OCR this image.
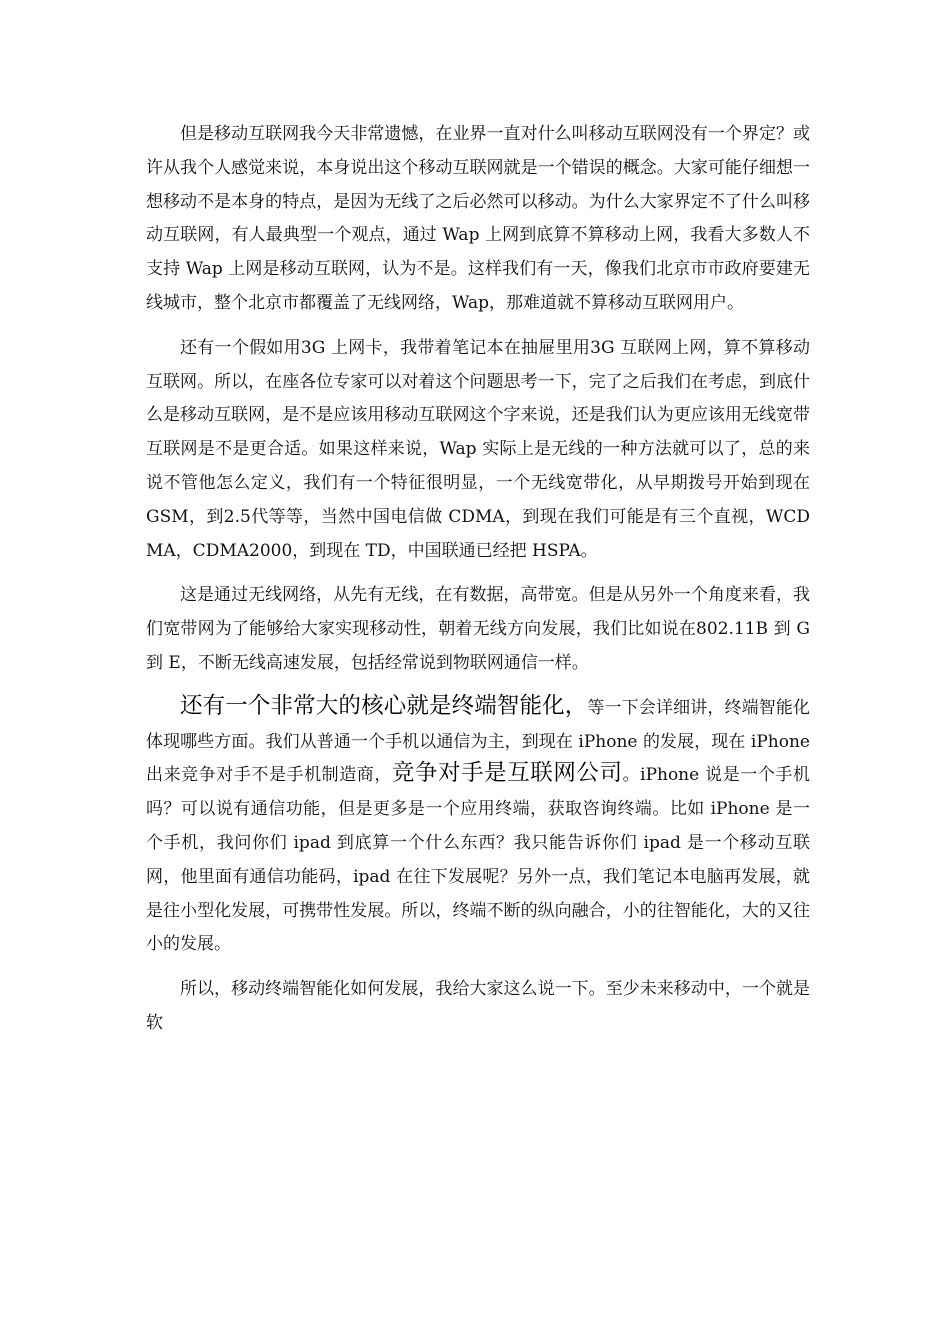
但是移动互联网我今天非常遗憾，在业界一直对什么叫移动互联网没有一个界定？或许从我个人感觉来说，本身说出这个移动互联网就是一个错误的概念。大家可能仔细想一想移动不是本身的特点，是因为无线了之后必然可以移动。为什么大家界定不了什么叫移动互联网，有人最典型一个观点，通过 Wap 上网到底算不算移动上网，我看大多数人不支持 Wap 上网是移动互联网，认为不是。这样我们有一天，像我们北京市市政府要建无线城市，整个北京市都覆盖了无线网络，Wap，那难道就不算移动互联网用户。

还有一个假如用3G 上网卡，我带着笔记本在抽屉里用3G 互联网上网，算不算移动互联网。所以，在座各位专家可以对着这个问题思考一下，完了之后我们在考虑，到底什么是移动互联网，是不是应该用移动互联网这个字来说，还是我们认为更应该用无线宽带互联网是不是更合适。如果这样来说，Wap 实际上是无线的一种方法就可以了，总的来说不管他怎么定义，我们有一个特征很明显，一个无线宽带化，从早期拨号开始到现在 GSM，到2.5代等等，当然中国电信做 CDMA，到现在我们可能是有三个直视，WCDMA，CDMA2000，到现在 TD，中国联通已经把 HSPA。

这是通过无线网络，从先有无线，在有数据，高带宽。但是从另外一个角度来看，我们宽带网为了能够给大家实现移动性，朝着无线方向发展，我们比如说在802.11B 到 G 到 E，不断无线高速发展，包括经常说到物联网通信一样。

还有一个非常大的核心就是终端智能化，等一下会详细讲，终端智能化体现哪些方面。我们从普通一个手机以通信为主，到现在 iPhone 的发展，现在 iPhone 出来竞争对手不是手机制造商，竞争对手是互联网公司。iPhone 说是一个手机吗？可以说有通信功能，但是更多是一个应用终端，获取咨询终端。比如 iPhone 是一个手机，我问你们 ipad 到底算一个什么东西？我只能告诉你们 ipad 是一个移动互联网，他里面有通信功能码，ipad 在往下发展呢？另外一点，我们笔记本电脑再发展，就是往小型化发展，可携带性发展。所以，终端不断的纵向融合，小的往智能化，大的又往小的发展。

所以，移动终端智能化如何发展，我给大家这么说一下。至少未来移动中，一个就是软
